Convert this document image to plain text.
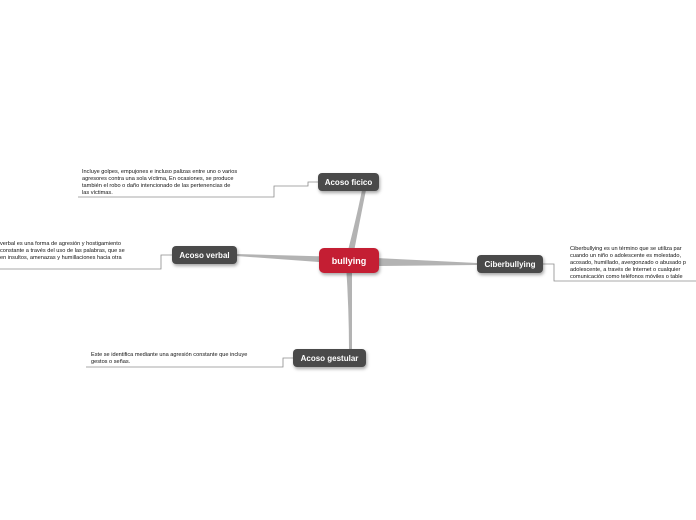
bullying
Acoso ficico
Acoso verbal
Acoso gestular
Ciberbullying
Incluye golpes, empujones e incluso palizas entre uno o varios
agresores contra una sola víctima, En ocasiones, se produce
también el robo o daño intencionado de las pertenencias de
las víctimas.
verbal es una forma de agresión y hostigamiento
constante a través del uso de las palabras, que se
en insultos, amenazas y humillaciones hacia otra
Este se identifica mediante una agresión constante que incluye
gestos o señas.
Ciberbullying es un término que se utiliza par
cuando un niño o adolescente es molestado,
acosado, humillado, avergonzado o abusado p
adolescente, a través de Internet o cualquier
comunicación como teléfonos móviles o table
